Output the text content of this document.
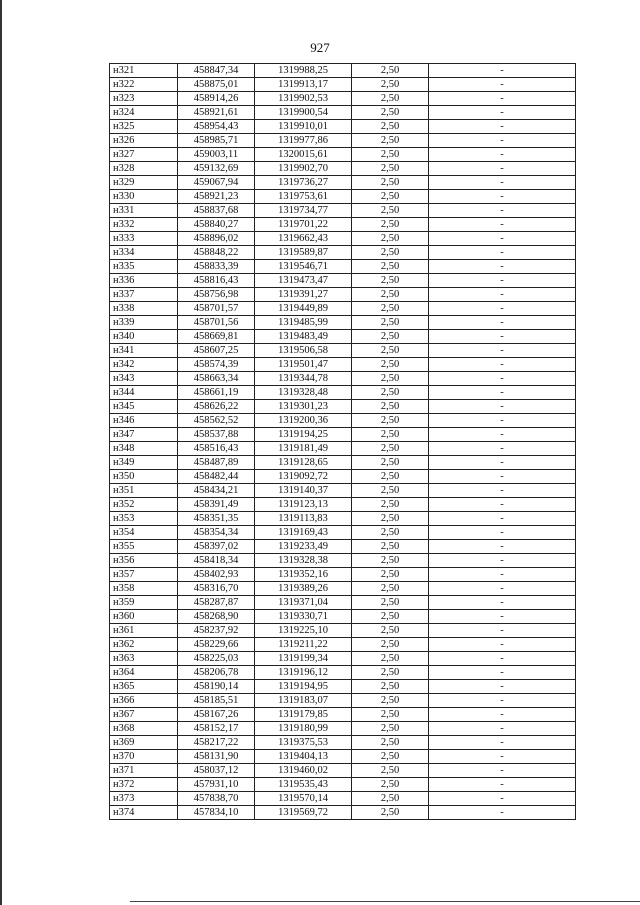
927
н321	458847,34	1319988,25	2,50	-
н322	458875,01	1319913,17	2,50	-
н323	458914,26	1319902,53	2,50	-
н324	458921,61	1319900,54	2,50	-
н325	458954,43	1319910,01	2,50	-
н326	458985,71	1319977,86	2,50	-
н327	459003,11	1320015,61	2,50	-
н328	459132,69	1319902,70	2,50	-
н329	459067,94	1319736,27	2,50	-
н330	458921,23	1319753,61	2,50	-
н331	458837,68	1319734,77	2,50	-
н332	458840,27	1319701,22	2,50	-
н333	458896,02	1319662,43	2,50	-
н334	458848,22	1319589,87	2,50	-
н335	458833,39	1319546,71	2,50	-
н336	458816,43	1319473,47	2,50	-
н337	458756,98	1319391,27	2,50	-
н338	458701,57	1319449,89	2,50	-
н339	458701,56	1319485,99	2,50	-
н340	458669,81	1319483,49	2,50	-
н341	458607,25	1319506,58	2,50	-
н342	458574,39	1319501,47	2,50	-
н343	458663,34	1319344,78	2,50	-
н344	458661,19	1319328,48	2,50	-
н345	458626,22	1319301,23	2,50	-
н346	458562,52	1319200,36	2,50	-
н347	458537,88	1319194,25	2,50	-
н348	458516,43	1319181,49	2,50	-
н349	458487,89	1319128,65	2,50	-
н350	458482,44	1319092,72	2,50	-
н351	458434,21	1319140,37	2,50	-
н352	458391,49	1319123,13	2,50	-
н353	458351,35	1319113,83	2,50	-
н354	458354,34	1319169,43	2,50	-
н355	458397,02	1319233,49	2,50	-
н356	458418,34	1319328,38	2,50	-
н357	458402,93	1319352,16	2,50	-
н358	458316,70	1319389,26	2,50	-
н359	458287,87	1319371,04	2,50	-
н360	458268,90	1319330,71	2,50	-
н361	458237,92	1319225,10	2,50	-
н362	458229,66	1319211,22	2,50	-
н363	458225,03	1319199,34	2,50	-
н364	458206,78	1319196,12	2,50	-
н365	458190,14	1319194,95	2,50	-
н366	458185,51	1319183,07	2,50	-
н367	458167,26	1319179,85	2,50	-
н368	458152,17	1319180,99	2,50	-
н369	458217,22	1319375,53	2,50	-
н370	458131,90	1319404,13	2,50	-
н371	458037,12	1319460,02	2,50	-
н372	457931,10	1319535,43	2,50	-
н373	457838,70	1319570,14	2,50	-
н374	457834,10	1319569,72	2,50	-
